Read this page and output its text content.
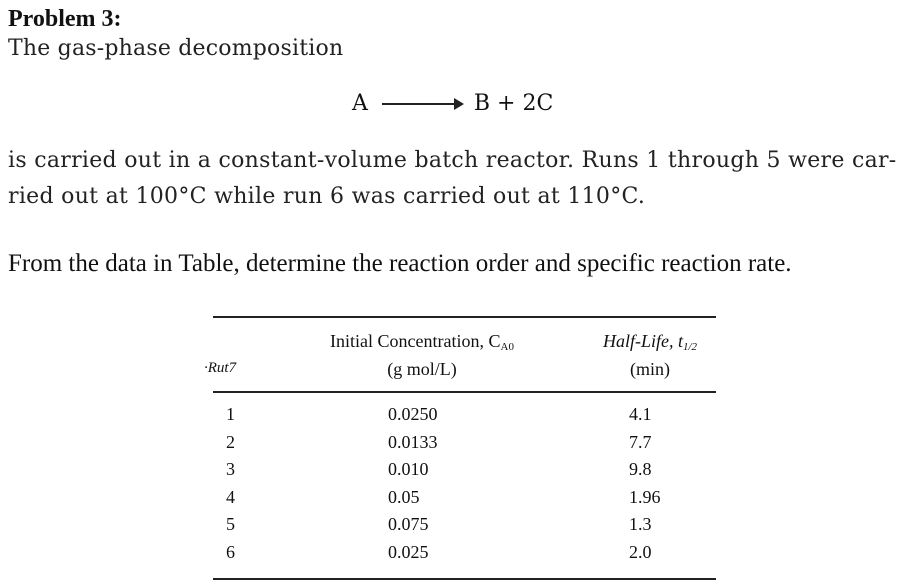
Problem 3:
The gas-phase decomposition
A → B + 2C
is carried out in a constant-volume batch reactor. Runs 1 through 5 were car-
ried out at 100°C while run 6 was carried out at 110°C.
From the data in Table, determine the reaction order and specific reaction rate.
·Rut7
Initial Concentration, $C_{A0}$
(g mol/L)
Half-Life, $t_{1/2}$
(min)
1	0.0250	4.1
2	0.0133	7.7
3	0.010	9.8
4	0.05	1.96
5	0.075	1.3
6	0.025	2.0
